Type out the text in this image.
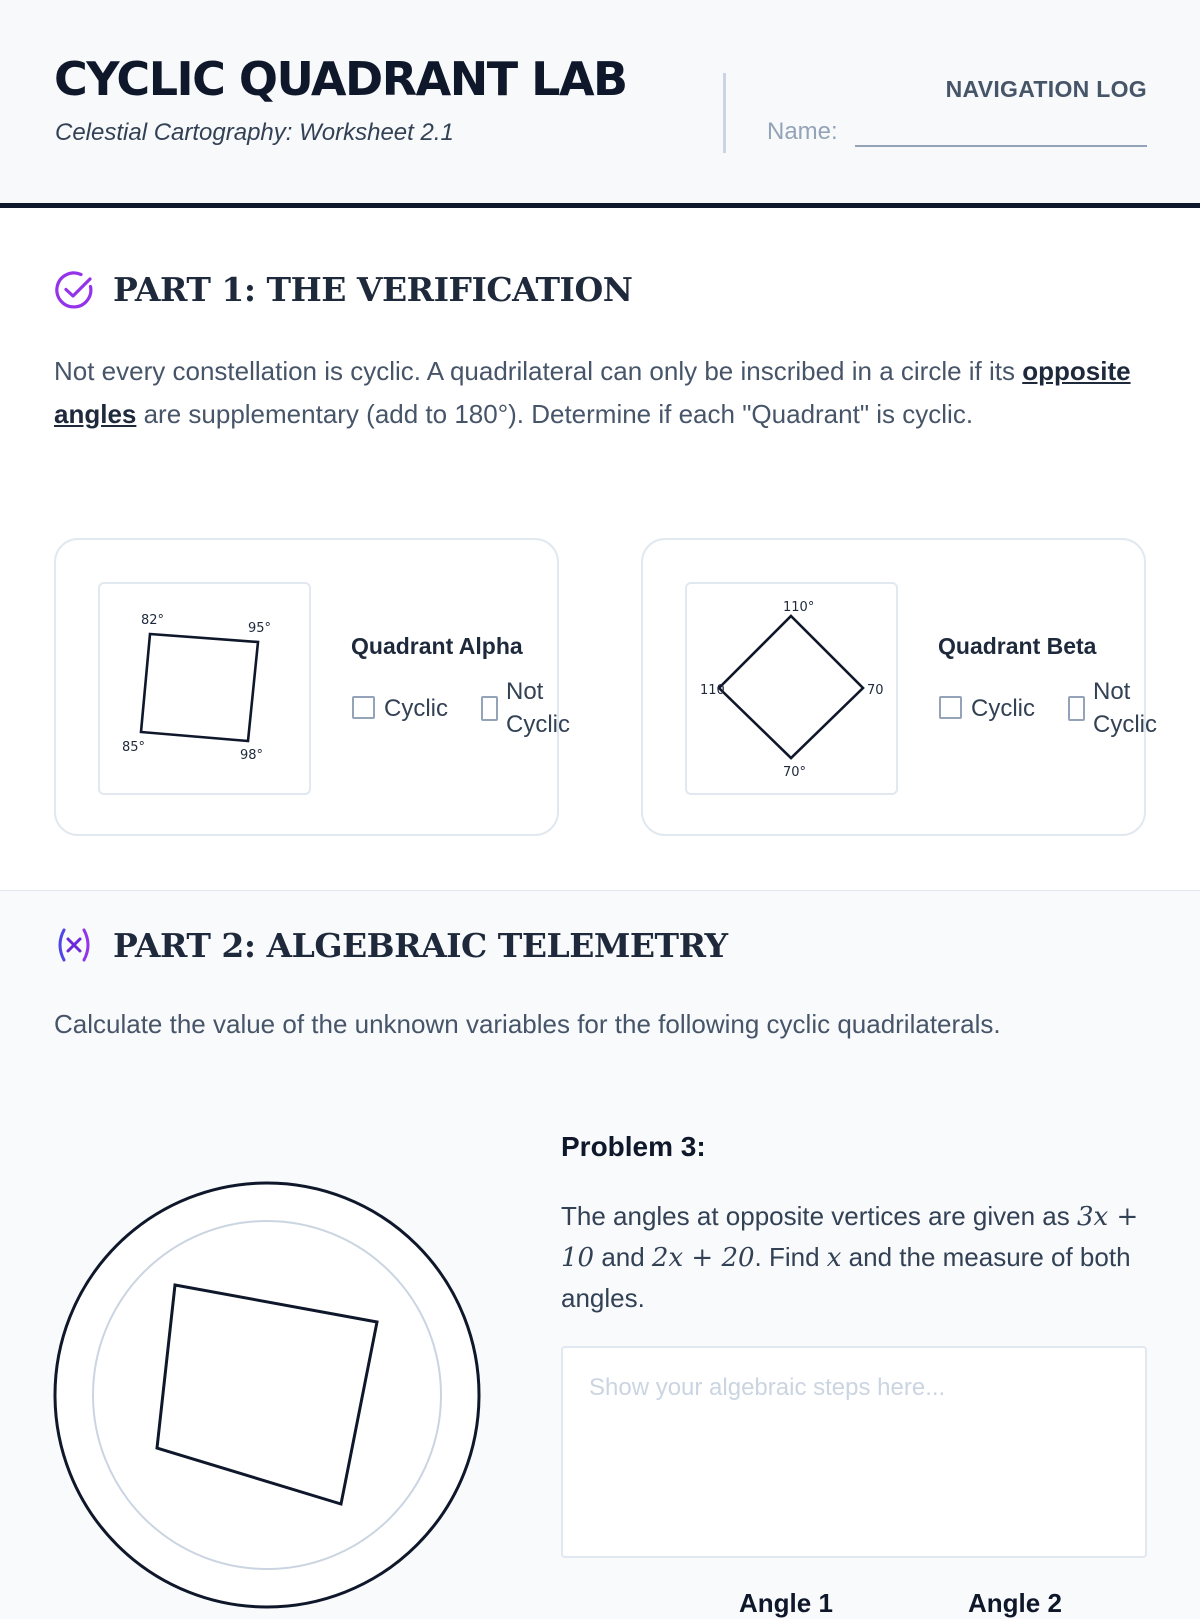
CYCLIC QUADRANT LAB
Celestial Cartography: Worksheet 2.1
NAVIGATION LOG
Name:
PART 1: THE VERIFICATION

Not every constellation is cyclic. A quadrilateral can only be inscribed in a circle if its opposite angles are supplementary (add to 180°). Determine if each "Quadrant" is cyclic.

82°
95°
98°
85°
Quadrant Alpha
Cyclic
Not
Cyclic
110°
70
70°
110
Quadrant Beta
Cyclic
Not
Cyclic
PART 2: ALGEBRAIC TELEMETRY

Calculate the value of the unknown variables for the following cyclic quadrilaterals.

Problem 3:

The angles at opposite vertices are given as 3x + 10 and 2x + 20. Find x and the measure of both angles.

Show your algebraic steps here...
Angle 1	Angle 2
